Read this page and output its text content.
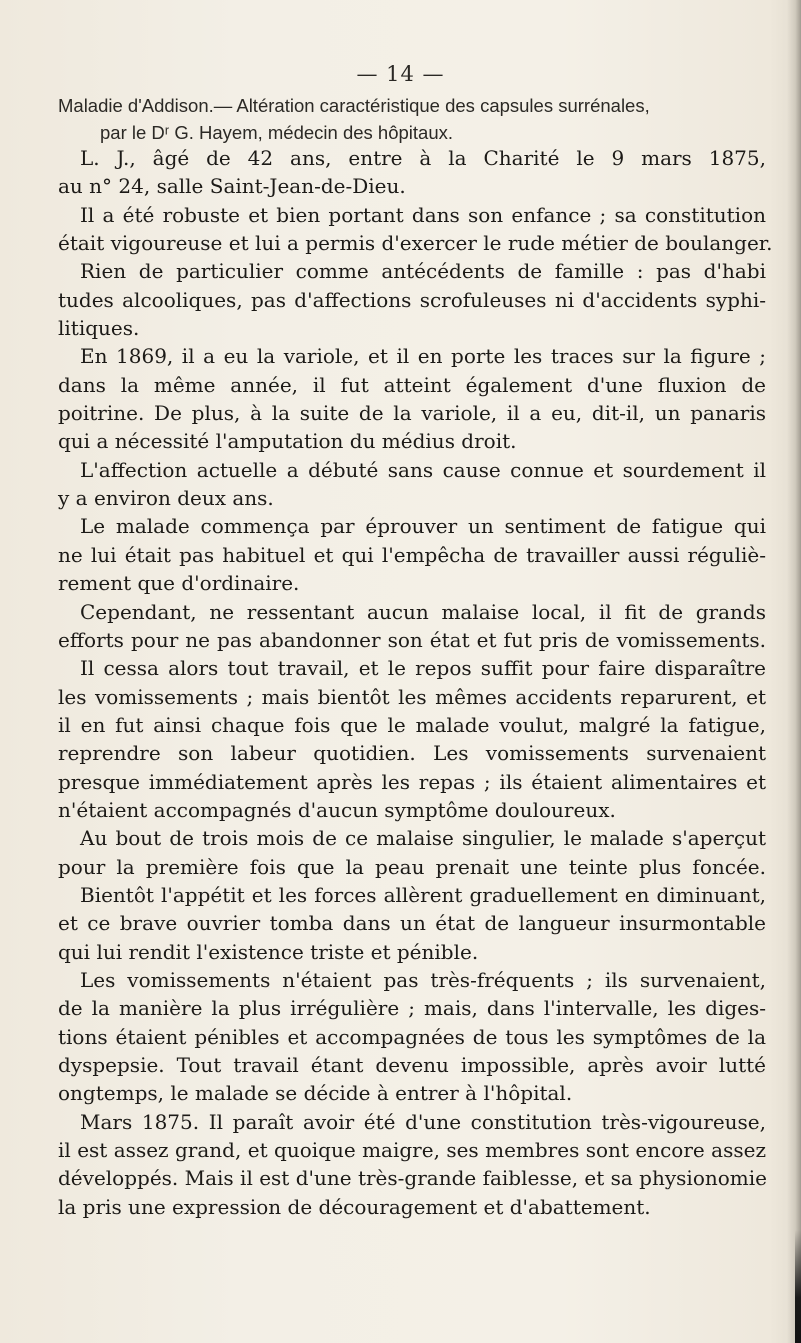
— 14 —
Maladie d'Addison.— Altération caractéristique des capsules surrénales,
par le Dʳ G. Hayem, médecin des hôpitaux.
L. J., âgé de 42 ans, entre à la Charité le 9 mars 1875,
au n° 24, salle Saint-Jean-de-Dieu.
Il a été robuste et bien portant dans son enfance ; sa constitution
était vigoureuse et lui a permis d'exercer le rude métier de boulanger.
Rien de particulier comme antécédents de famille : pas d'habi
tudes alcooliques, pas d'affections scrofuleuses ni d'accidents syphi-
litiques.
En 1869, il a eu la variole, et il en porte les traces sur la figure ;
dans la même année, il fut atteint également d'une fluxion de
poitrine. De plus, à la suite de la variole, il a eu, dit-il, un panaris
qui a nécessité l'amputation du médius droit.
L'affection actuelle a débuté sans cause connue et sourdement il
y a environ deux ans.
Le malade commença par éprouver un sentiment de fatigue qui
ne lui était pas habituel et qui l'empêcha de travailler aussi réguliè-
rement que d'ordinaire.
Cependant, ne ressentant aucun malaise local, il fit de grands
efforts pour ne pas abandonner son état et fut pris de vomissements.
Il cessa alors tout travail, et le repos suffit pour faire disparaître
les vomissements ; mais bientôt les mêmes accidents reparurent, et
il en fut ainsi chaque fois que le malade voulut, malgré la fatigue,
reprendre son labeur quotidien. Les vomissements survenaient
presque immédiatement après les repas ; ils étaient alimentaires et
n'étaient accompagnés d'aucun symptôme douloureux.
Au bout de trois mois de ce malaise singulier, le malade s'aperçut
pour la première fois que la peau prenait une teinte plus foncée.
Bientôt l'appétit et les forces allèrent graduellement en diminuant,
et ce brave ouvrier tomba dans un état de langueur insurmontable
qui lui rendit l'existence triste et pénible.
Les vomissements n'étaient pas très-fréquents ; ils survenaient,
de la manière la plus irrégulière ; mais, dans l'intervalle, les diges-
tions étaient pénibles et accompagnées de tous les symptômes de la
dyspepsie. Tout travail étant devenu impossible, après avoir lutté
ongtemps, le malade se décide à entrer à l'hôpital.
Mars 1875. Il paraît avoir été d'une constitution très-vigoureuse,
il est assez grand, et quoique maigre, ses membres sont encore assez
développés. Mais il est d'une très-grande faiblesse, et sa physionomie
la pris une expression de découragement et d'abattement.
